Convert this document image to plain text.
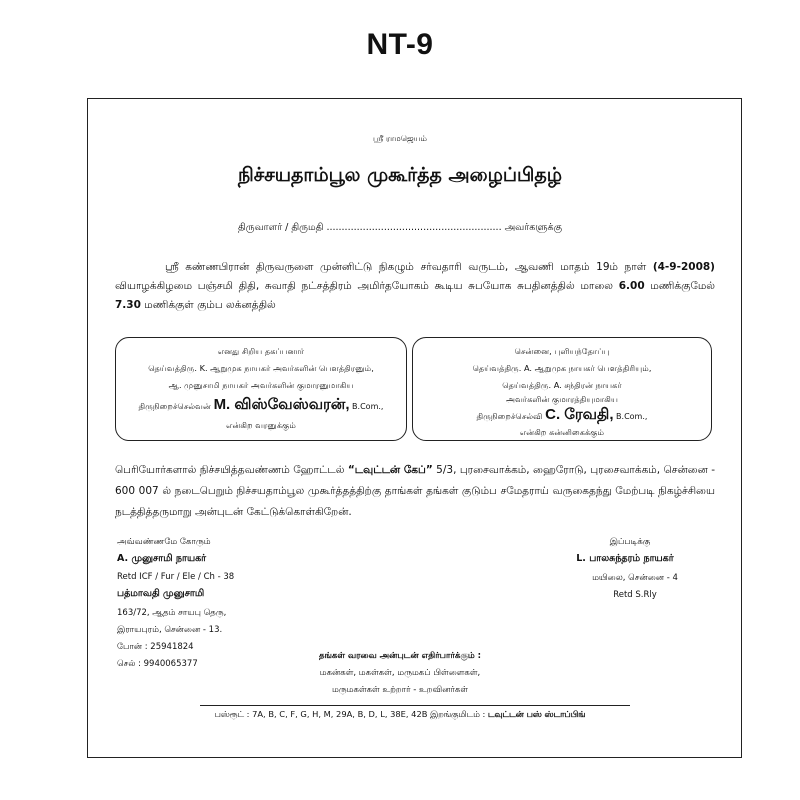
NT-9
ஸ்ரீ ராமஜெயம்
நிச்சயதாம்பூல முகூர்த்த அழைப்பிதழ்
திருவாளர் / திருமதி .......................................................... அவர்களுக்கு
ஸ்ரீ கண்ணபிரான் திருவருளை முன்னிட்டு நிகழும் சர்வதாரி வருடம், ஆவணி மாதம் 19ம் நாள் (4-9-2008) வியாழக்கிழமை பஞ்சமி திதி, சுவாதி நட்சத்திரம் அமிர்தயோகம் கூடிய சுபயோக சுபதினத்தில் மாலை 6.00 மணிக்குமேல் 7.30 மணிக்குள் கும்ப லக்னத்தில்
எனது சிறிய தகப்பனார்
தெய்வத்திரு. K. ஆறுமுக நாயகர் அவர்களின் பௌத்திரனும்,
ஆ. முனுசாமி நாயகர் அவர்களின் குமாரனுமாகிய
திருநிறைச்செல்வன் M. விஸ்வேஸ்வரன், B.Com.,
என்கிற வரனுக்கும்
சென்னை, புளியந்தோப்பு
தெய்வத்திரு. A. ஆறுமுக நாயகர் பௌத்திரியும்,
தெய்வத்திரு. A. சந்திரன் நாயகர்
அவர்களின் குமாரத்தியுமாகிய
திருநிறைச்செல்வி C. ரேவதி, B.Com.,
என்கிற கன்னிகைக்கும்
பெரியோர்களால் நிச்சயித்தவண்ணம் ஹோட்டல் “டவுட்டன் கேப்” 5/3, புரசைவாக்கம், ஹைரோடு, புரசைவாக்கம், சென்னை - 600 007 ல் நடைபெறும் நிச்சயதாம்பூல முகூர்த்தத்திற்கு தாங்கள் தங்கள் குடும்ப சமேதராய் வருகைதந்து மேற்படி நிகழ்ச்சியை நடத்தித்தருமாறு அன்புடன் கேட்டுக்கொள்கிறேன்.
அவ்வண்ணமே கோரும்
A. முனுசாமி நாயகர்
Retd ICF / Fur / Ele / Ch - 38
பத்மாவதி முனுசாமி
163/72, ஆதம் சாயபு தெரு,
இராயபுரம், சென்னை - 13.
போன் : 25941824
செல் : 9940065377
இப்படிக்கு
L. பாலசுந்தரம் நாயகர்
மயிலை, சென்னை - 4
Retd S.Rly
தங்கள் வரவை அன்புடன் எதிர்பார்க்கும் :
மகன்கள், மகள்கள், மருமகப் பிள்ளைகள்,
மருமகள்கள் உற்றார் - உறவினர்கள்
பஸ்ரூட் : 7A, B, C, F, G, H, M, 29A, B, D, L, 38E, 42B இறங்குமிடம் : டவுட்டன் பஸ் ஸ்டாப்பிங்
